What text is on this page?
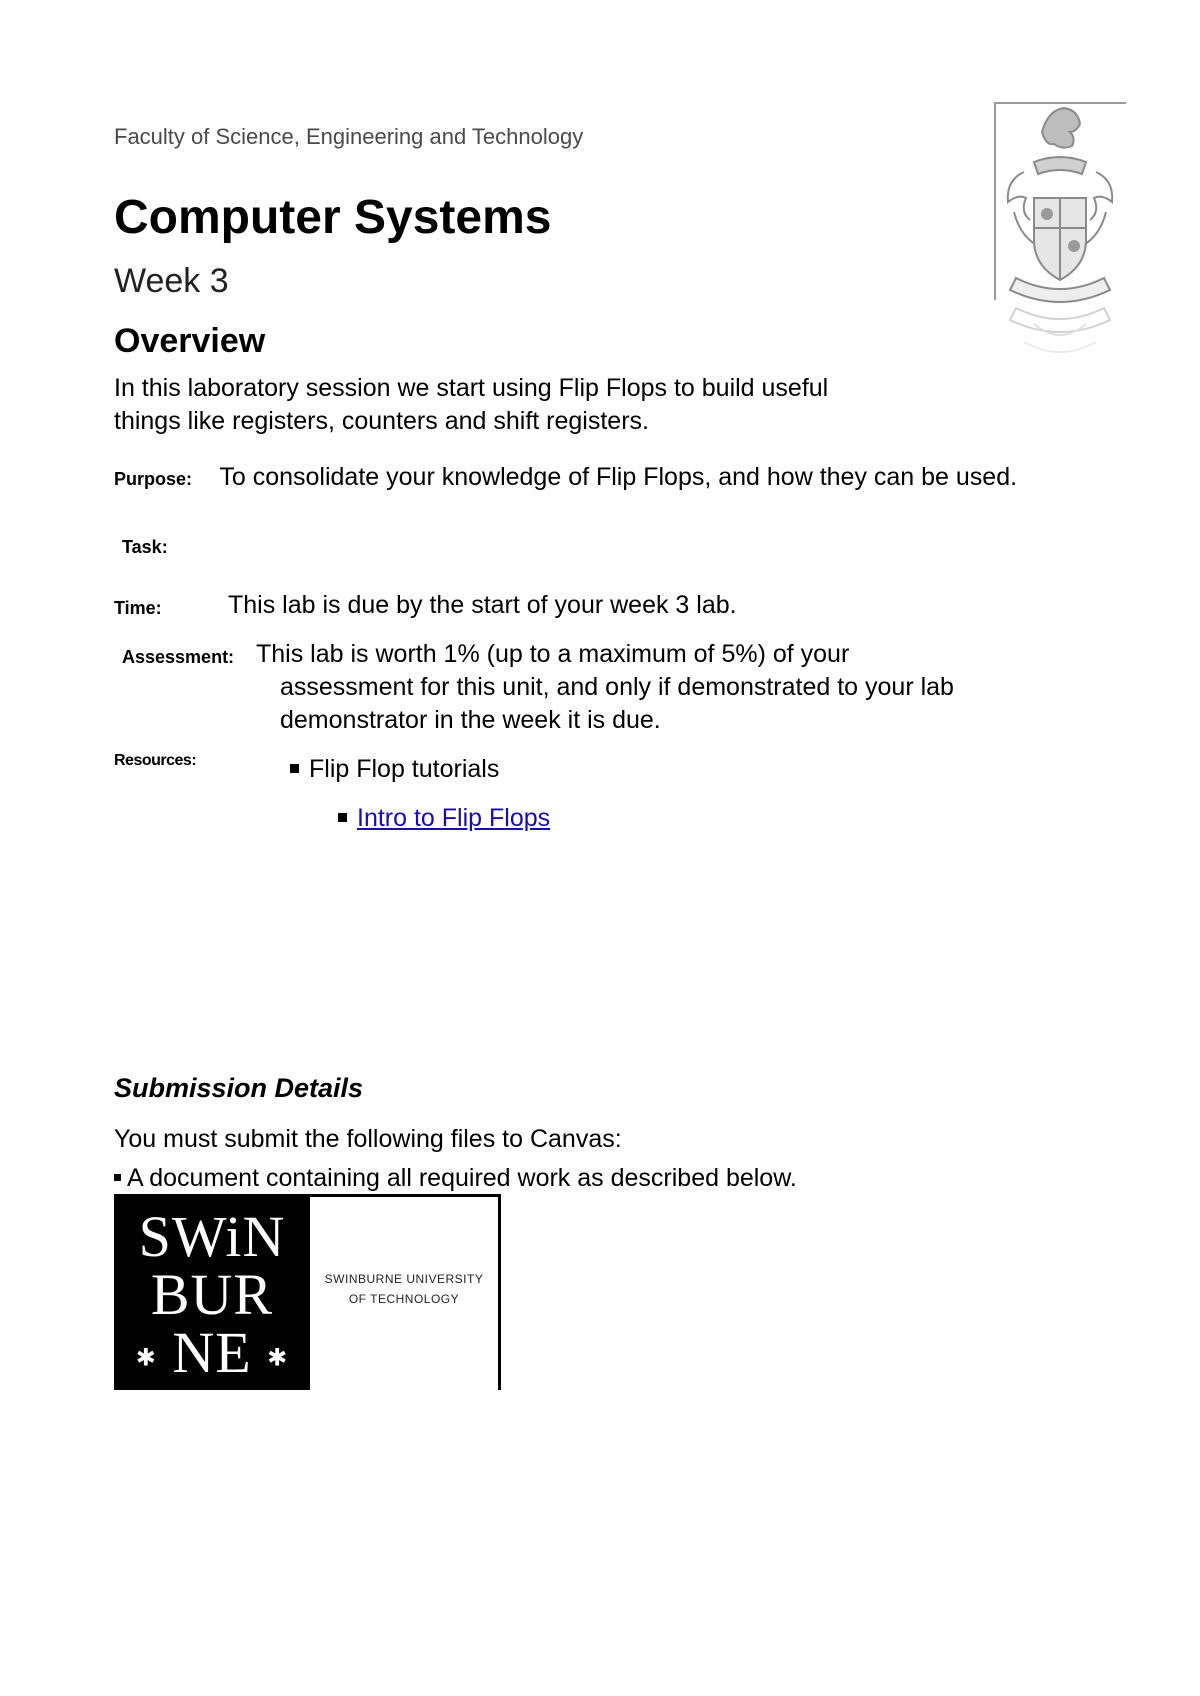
Faculty of Science, Engineering and Technology
Computer Systems
Week 3
Overview
In this laboratory session we start using Flip Flops to build useful
things like registers, counters and shift registers.
Purpose: To consolidate your knowledge of Flip Flops, and how they can be used.
Task:
Time:	This lab is due by the start of your week 3 lab.
Assessment: This lab is worth 1% (up to a maximum of 5%) of your
assessment for this unit, and only if demonstrated to your lab
demonstrator in the week it is due.
Resources:	Flip Flop tutorials
Intro to Flip Flops
Submission Details
You must submit the following files to Canvas:
A document containing all required work as described below.
SWiN
BUR
✱ NE ✱
SWINBURNE UNIVERSITY
OF TECHNOLOGY
